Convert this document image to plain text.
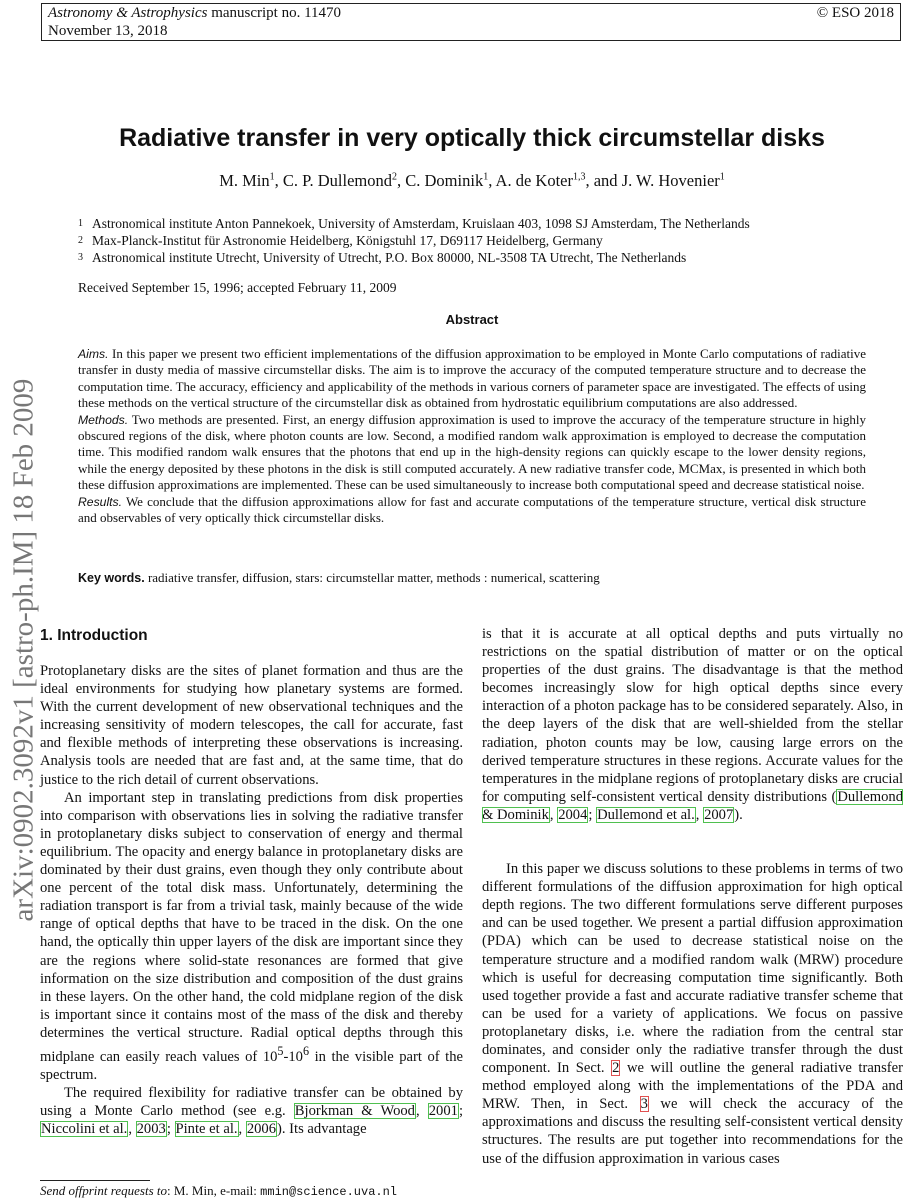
Astronomy & Astrophysics manuscript no. 11470	© ESO 2018
November 13, 2018
arXiv:0902.3092v1 [astro-ph.IM] 18 Feb 2009
Radiative transfer in very optically thick circumstellar disks
M. Min$^1$, C. P. Dullemond$^2$, C. Dominik$^1$, A. de Koter$^{1,3}$, and J. W. Hovenier$^1$
$^1$ Astronomical institute Anton Pannekoek, University of Amsterdam, Kruislaan 403, 1098 SJ Amsterdam, The Netherlands
$^2$ Max-Planck-Institut für Astronomie Heidelberg, Königstuhl 17, D69117 Heidelberg, Germany
$^3$ Astronomical institute Utrecht, University of Utrecht, P.O. Box 80000, NL-3508 TA Utrecht, The Netherlands
Received September 15, 1996; accepted February 11, 2009
Abstract

Aims. In this paper we present two efficient implementations of the diffusion approximation to be employed in Monte Carlo computations of radiative transfer in dusty media of massive circumstellar disks. The aim is to improve the accuracy of the computed temperature structure and to decrease the computation time. The accuracy, efficiency and applicability of the methods in various corners of parameter space are investigated. The effects of using these methods on the vertical structure of the circumstellar disk as obtained from hydrostatic equilibrium computations are also addressed.

Methods. Two methods are presented. First, an energy diffusion approximation is used to improve the accuracy of the temperature structure in highly obscured regions of the disk, where photon counts are low. Second, a modified random walk approximation is employed to decrease the computation time. This modified random walk ensures that the photons that end up in the high-density regions can quickly escape to the lower density regions, while the energy deposited by these photons in the disk is still computed accurately. A new radiative transfer code, MCMax, is presented in which both these diffusion approximations are implemented. These can be used simultaneously to increase both computational speed and decrease statistical noise.

Results. We conclude that the diffusion approximations allow for fast and accurate computations of the temperature structure, vertical disk structure and observables of very optically thick circumstellar disks.

Key words. radiative transfer, diffusion, stars: circumstellar matter, methods : numerical, scattering
1. Introduction

Protoplanetary disks are the sites of planet formation and thus are the ideal environments for studying how planetary systems are formed. With the current development of new observational techniques and the increasing sensitivity of modern telescopes, the call for accurate, fast and flexible methods of interpreting these observations is increasing. Analysis tools are needed that are fast and, at the same time, that do justice to the rich detail of current observations.

An important step in translating predictions from disk properties into comparison with observations lies in solving the radiative transfer in protoplanetary disks subject to conservation of energy and thermal equilibrium. The opacity and energy balance in protoplanetary disks are dominated by their dust grains, even though they only contribute about one percent of the total disk mass. Unfortunately, determining the radiation transport is far from a trivial task, mainly because of the wide range of optical depths that have to be traced in the disk. On the one hand, the optically thin upper layers of the disk are important since they are the regions where solid-state resonances are formed that give information on the size distribution and composition of the dust grains in these layers. On the other hand, the cold midplane region of the disk is important since it contains most of the mass of the disk and thereby determines the vertical structure. Radial optical depths through this midplane can easily reach values of $10^5-10^6$ in the visible part of the spectrum.

The required flexibility for radiative transfer can be obtained by using a Monte Carlo method (see e.g. Bjorkman & Wood, 2001; Niccolini et al., 2003; Pinte et al., 2006). Its advantage

is that it is accurate at all optical depths and puts virtually no restrictions on the spatial distribution of matter or on the optical properties of the dust grains. The disadvantage is that the method becomes increasingly slow for high optical depths since every interaction of a photon package has to be considered separately. Also, in the deep layers of the disk that are well-shielded from the stellar radiation, photon counts may be low, causing large errors on the derived temperature structures in these regions. Accurate values for the temperatures in the midplane regions of protoplanetary disks are crucial for computing self-consistent vertical density distributions (Dullemond & Dominik, 2004; Dullemond et al., 2007).

In this paper we discuss solutions to these problems in terms of two different formulations of the diffusion approximation for high optical depth regions. The two different formulations serve different purposes and can be used together. We present a partial diffusion approximation (PDA) which can be used to decrease statistical noise on the temperature structure and a modified random walk (MRW) procedure which is useful for decreasing computation time significantly. Both used together provide a fast and accurate radiative transfer scheme that can be used for a variety of applications. We focus on passive protoplanetary disks, i.e. where the radiation from the central star dominates, and consider only the radiative transfer through the dust component. In Sect. 2 we will outline the general radiative transfer method employed along with the implementations of the PDA and MRW. Then, in Sect. 3 we will check the accuracy of the approximations and discuss the resulting self-consistent vertical density structures. The results are put together into recommendations for the use of the diffusion approximation in various cases

Send offprint requests to: M. Min, e-mail: mmin@science.uva.nl
